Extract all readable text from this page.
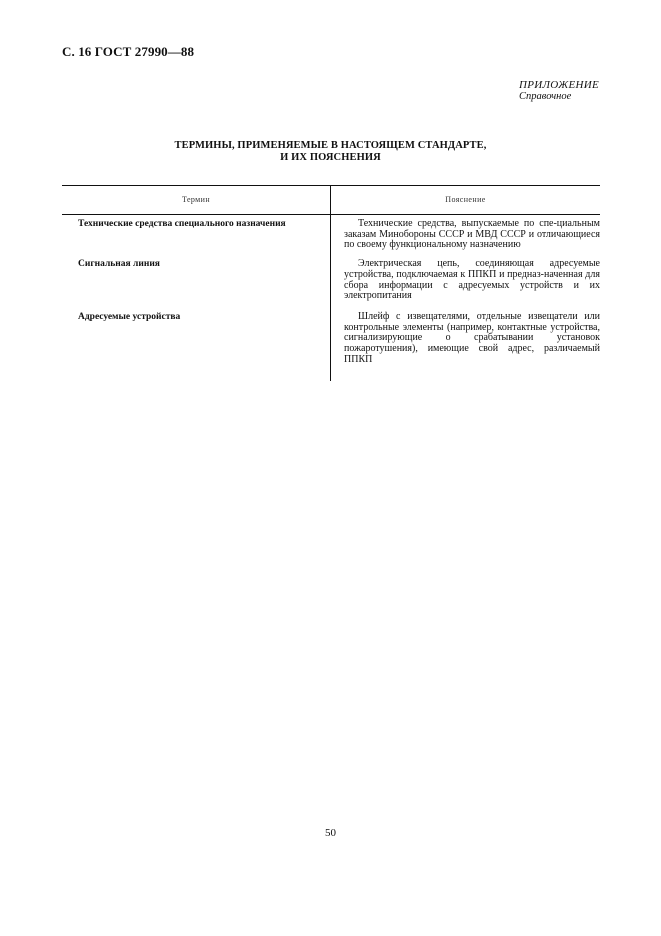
С. 16 ГОСТ 27990—88
ПРИЛОЖЕНИЕ
Справочное
ТЕРМИНЫ, ПРИМЕНЯЕМЫЕ В НАСТОЯЩЕМ СТАНДАРТЕ,
И ИХ ПОЯСНЕНИЯ
Термин	Пояснение
Технические средства специального назначения	Технические средства, выпускаемые по спе-циальным заказам Минобороны СССР и МВД СССР и отличающиеся по своему функциональному назначению
Сигнальная линия	Электрическая цепь, соединяющая адресуемые устройства, подключаемая к ППКП и предназ-наченная для сбора информации с адресуемых устройств и их электропитания
Адресуемые устройства	Шлейф с извещателями, отдельные извещатели или контрольные элементы (например, контактные устройства, сигнализирующие о срабатывании установок пожаротушения), имеющие свой адрес, различаемый ППКП
50
